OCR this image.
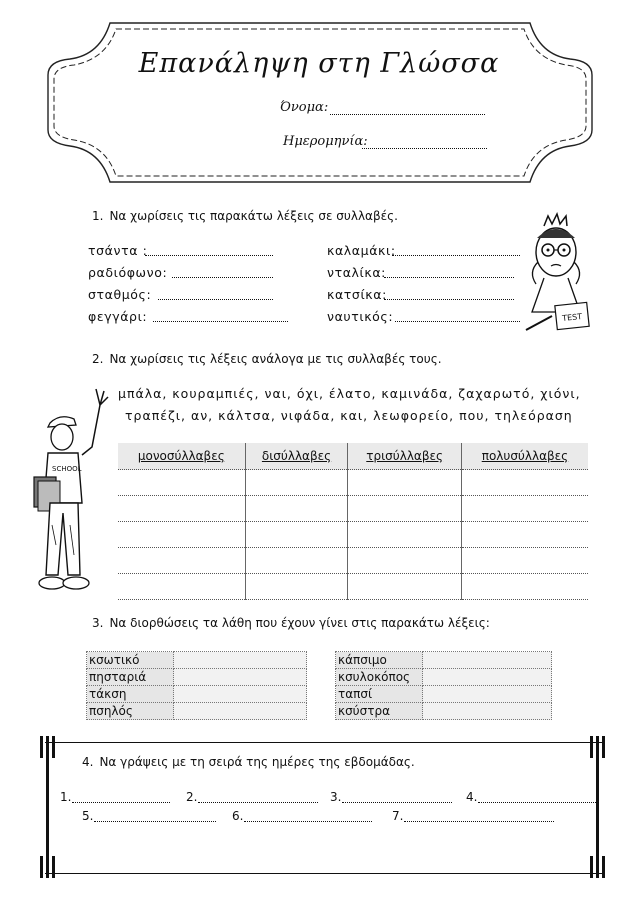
Επανάληψη στη Γλώσσα
Όνομα:
Ημερομηνία:
1. Να χωρίσεις τις παρακάτω λέξεις σε συλλαβές.
τσάντα :
ραδιόφωνο:
σταθμός:
φεγγάρι:
καλαμάκι:
νταλίκα:
κατσίκα:
ναυτικός:	TEST
2. Να χωρίσεις τις λέξεις ανάλογα με τις συλλαβές τους.
μπάλα, κουραμπιές, ναι, όχι, έλατο, καμινάδα, ζαχαρωτό, χιόνι,
τραπέζι, αν, κάλτσα, νιφάδα, και, λεωφορείο, που, τηλεόραση
SCHOOL
μονοσύλλαβες	δισύλλαβες	τρισύλλαβες	πολυσύλλαβες

3. Να διορθώσεις τα λάθη που έχουν γίνει στις παρακάτω λέξεις:
κσωτικό	
πησταριά	
τάκση	
πσηλός	
κάπσιμο	
κσυλοκόπος	
ταπσί	
κσύστρα	
4. Να γράψεις με τη σειρά της ημέρες της εβδομάδας.
1.	2.	3.	4.
5.	6.	7.
